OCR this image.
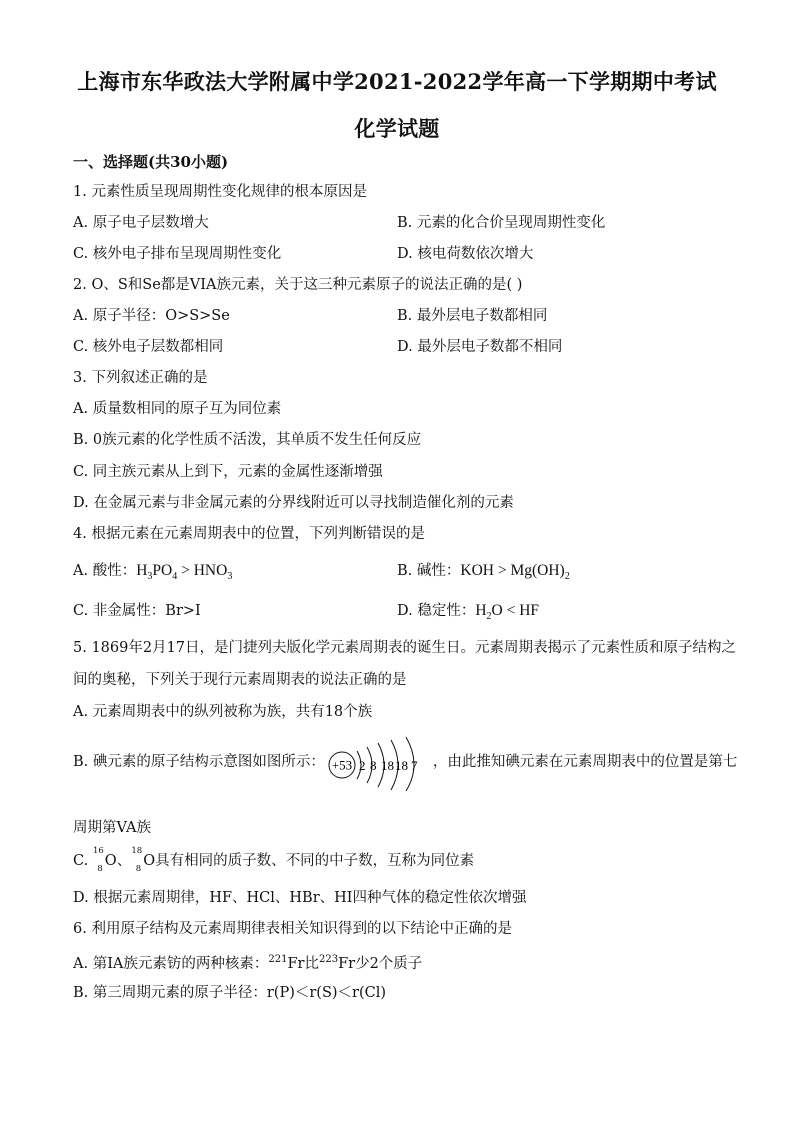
上海市东华政法大学附属中学2021-2022学年高一下学期期中考试
化学试题
一、选择题(共30小题)
1. 元素性质呈现周期性变化规律的根本原因是
A. 原子电子层数增大	B. 元素的化合价呈现周期性变化
C. 核外电子排布呈现周期性变化	D. 核电荷数依次增大
2. O、S和Se都是VIA族元素，关于这三种元素原子的说法正确的是( )
A. 原子半径：O>S>Se	B. 最外层电子数都相同
C. 核外电子层数都相同	D. 最外层电子数都不相同
3. 下列叙述正确的是
A. 质量数相同的原子互为同位素
B. 0族元素的化学性质不活泼，其单质不发生任何反应
C. 同主族元素从上到下，元素的金属性逐渐增强
D. 在金属元素与非金属元素的分界线附近可以寻找制造催化剂的元素
4. 根据元素在元素周期表中的位置，下列判断错误的是
A. 酸性：$H_3PO_4 > HNO_3$	B. 碱性：KOH > $Mg(OH)_2$
C. 非金属性：Br>I	D. 稳定性：$H_2O$ < HF
5. 1869年2月17日，是门捷列夫版化学元素周期表的诞生日。元素周期表揭示了元素性质和原子结构之
间的奥秘，下列关于现行元素周期表的说法正确的是
A. 元素周期表中的纵列被称为族，共有18个族
B. 碘元素的原子结构示意图如图所示： +53 2 8 18 18 7 ，由此推知碘元素在元素周期表中的位置是第七
周期第VA族
C.
16
8 O、
18
8 O具有相同的质子数、不同的中子数，互称为同位素
D. 根据元素周期律，HF、HCl、HBr、HI四种气体的稳定性依次增强
6. 利用原子结构及元素周期律表相关知识得到的以下结论中正确的是
A. 第IA族元素钫的两种核素：$^{221}$Fr比$^{223}$Fr少2个质子
B. 第三周期元素的原子半径：r(P)＜r(S)＜r(Cl)
